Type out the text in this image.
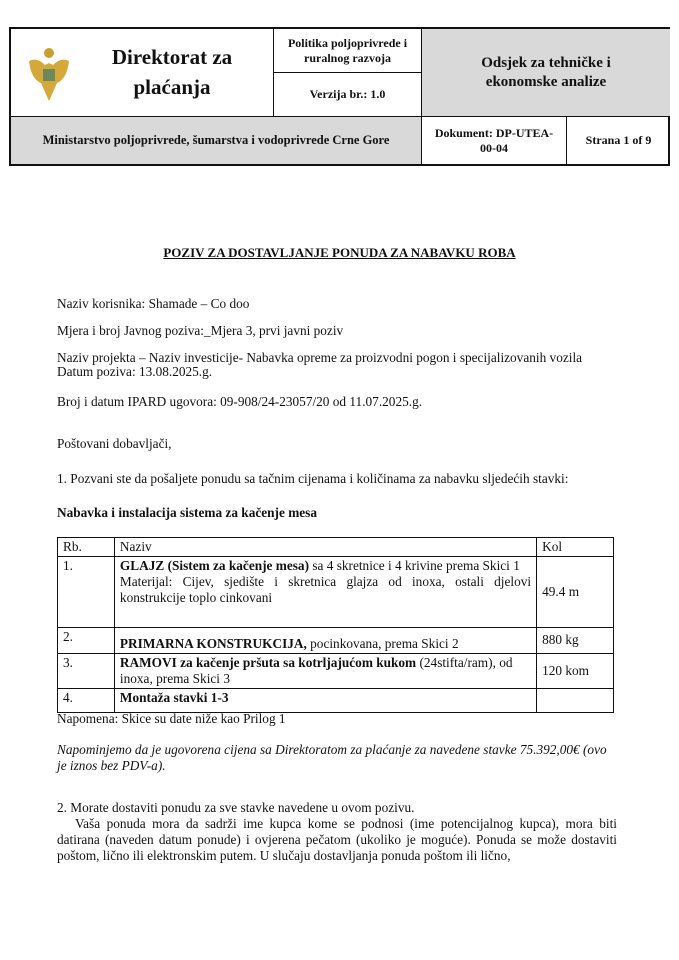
Direktorat za plaćanja
Politika poljoprivrede i ruralnog razvoja
Verzija br.: 1.0
Odsjek za tehničke i ekonomske analize
Ministarstvo poljoprivrede, šumarstva i vodoprivrede Crne Gore
Dokument: DP-UTEA-00-04
Strana 1 of 9
POZIV ZA DOSTAVLJANJE PONUDA ZA NABAVKU ROBA

Naziv korisnika: Shamade – Co doo

Mjera i broj Javnog poziva:_Mjera 3, prvi javni poziv

Naziv projekta – Naziv investicije- Nabavka opreme za proizvodni pogon i specijalizovanih vozila

Datum poziva: 13.08.2025.g.

Broj i datum IPARD ugovora: 09-908/24-23057/20 od 11.07.2025.g.

Poštovani dobavljači,

1. Pozvani ste da pošaljete ponudu sa tačnim cijenama i količinama za nabavku sljedećih stavki:

Nabavka i instalacija sistema za kačenje mesa

Rb.	Naziv	Kol
1.	GLAJZ (Sistem za kačenje mesa) sa 4 skretnice i 4 krivine prema Skici 1
Materijal: Cijev, sjedište i skretnica glajza od inoxa, ostali djelovi konstrukcije toplo cinkovani	49.4 m
2.	PRIMARNA KONSTRUKCIJA, pocinkovana, prema Skici 2	880 kg
3.	RAMOVI za kačenje pršuta sa kotrljajućom kukom (24stifta/ram), od inoxa, prema Skici 3	120 kom
4.	Montaža stavki 1-3	

Napomena: Skice su date niže kao Prilog 1

Napominjemo da je ugovorena cijena sa Direktoratom za plaćanje za navedene stavke 75.392,00€ (ovo je iznos bez PDV-a).

2. Morate dostaviti ponudu za sve stavke navedene u ovom pozivu.

Vaša ponuda mora da sadrži ime kupca kome se podnosi (ime potencijalnog kupca), mora biti datirana (naveden datum ponude) i ovjerena pečatom (ukoliko je moguće). Ponuda se može dostaviti poštom, lično ili elektronskim putem. U slučaju dostavljanja ponuda poštom ili lično,
